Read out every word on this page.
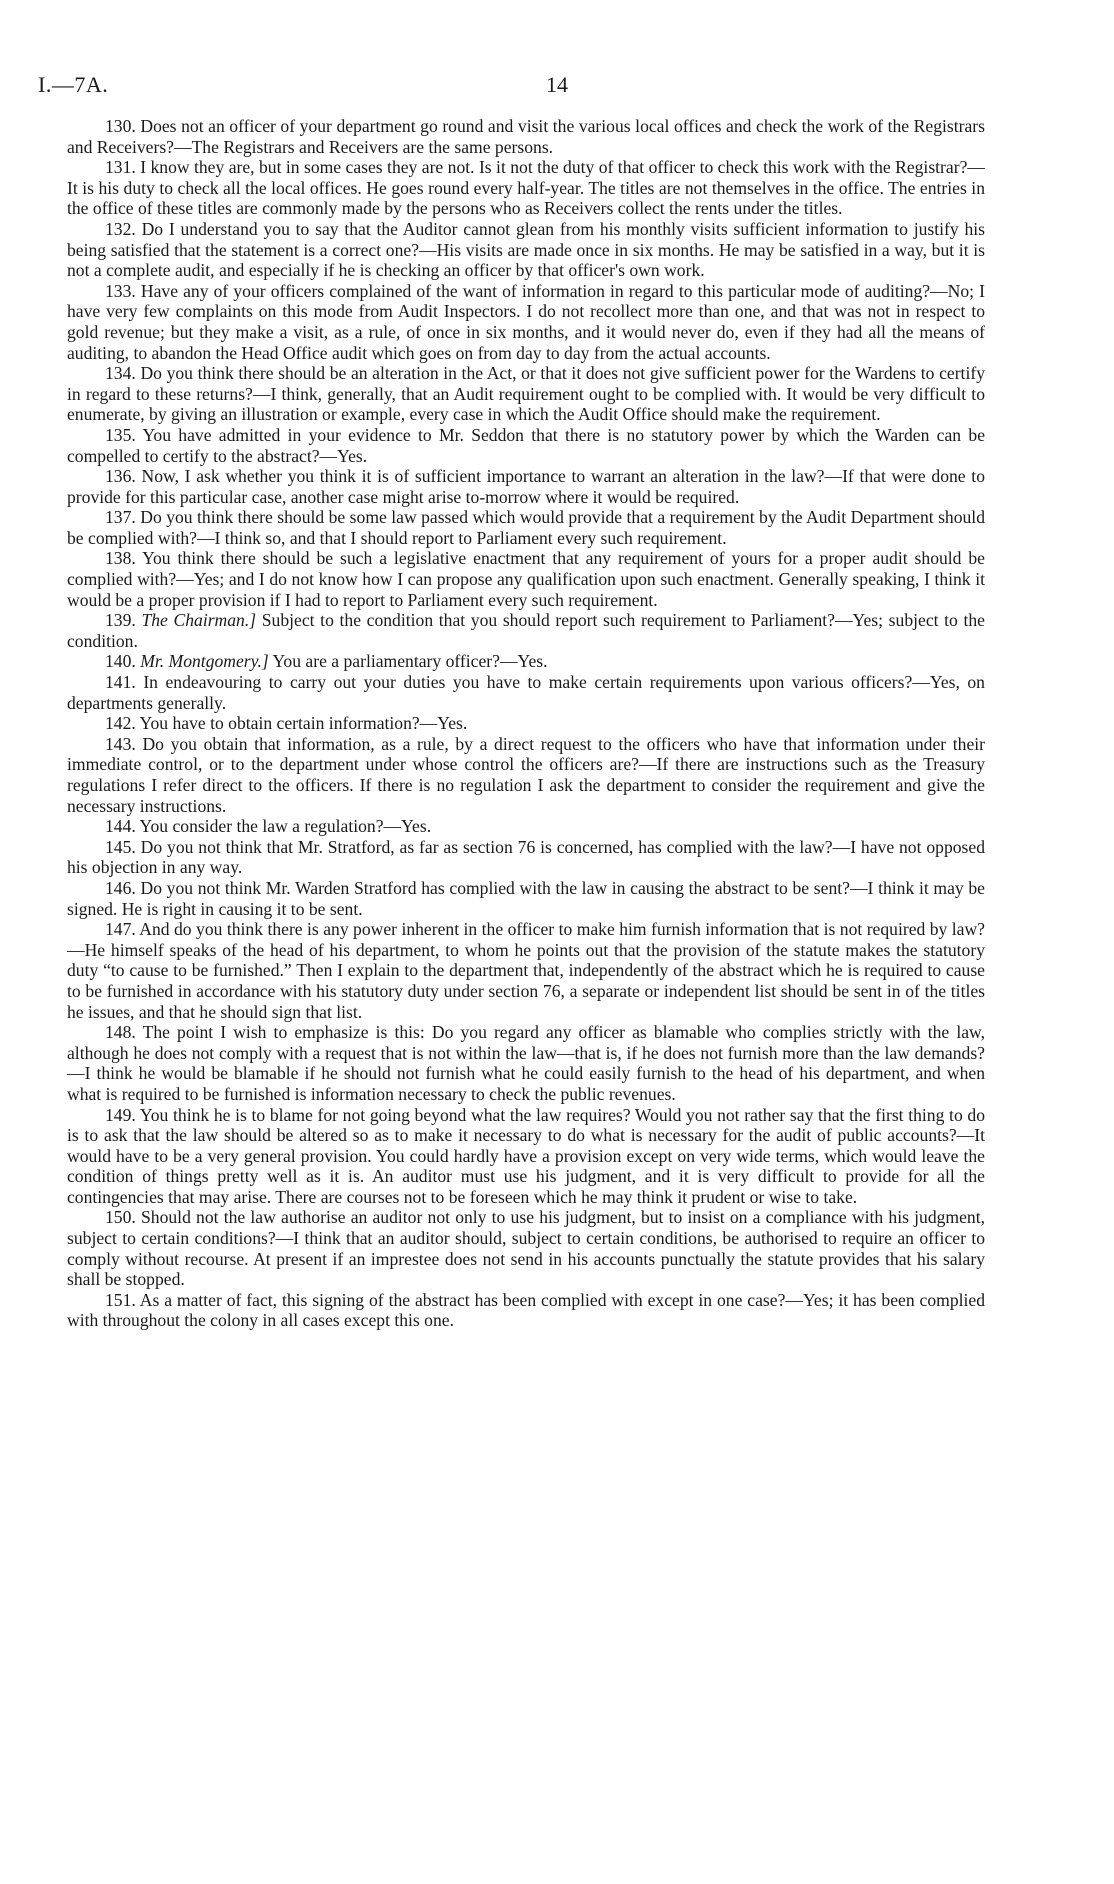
I.—7A.	14

130. Does not an officer of your department go round and visit the various local offices and check the work of the Registrars and Receivers?—The Registrars and Receivers are the same persons.

131. I know they are, but in some cases they are not. Is it not the duty of that officer to check this work with the Registrar?—It is his duty to check all the local offices. He goes round every half-year. The titles are not themselves in the office. The entries in the office of these titles are commonly made by the persons who as Receivers collect the rents under the titles.

132. Do I understand you to say that the Auditor cannot glean from his monthly visits sufficient information to justify his being satisfied that the statement is a correct one?—His visits are made once in six months. He may be satisfied in a way, but it is not a complete audit, and especially if he is checking an officer by that officer's own work.

133. Have any of your officers complained of the want of information in regard to this particular mode of auditing?—No; I have very few complaints on this mode from Audit Inspectors. I do not recollect more than one, and that was not in respect to gold revenue; but they make a visit, as a rule, of once in six months, and it would never do, even if they had all the means of auditing, to abandon the Head Office audit which goes on from day to day from the actual accounts.

134. Do you think there should be an alteration in the Act, or that it does not give sufficient power for the Wardens to certify in regard to these returns?—I think, generally, that an Audit requirement ought to be complied with. It would be very difficult to enumerate, by giving an illustration or example, every case in which the Audit Office should make the requirement.

135. You have admitted in your evidence to Mr. Seddon that there is no statutory power by which the Warden can be compelled to certify to the abstract?—Yes.

136. Now, I ask whether you think it is of sufficient importance to warrant an alteration in the law?—If that were done to provide for this particular case, another case might arise to-morrow where it would be required.

137. Do you think there should be some law passed which would provide that a requirement by the Audit Department should be complied with?—I think so, and that I should report to Parliament every such requirement.

138. You think there should be such a legislative enactment that any requirement of yours for a proper audit should be complied with?—Yes; and I do not know how I can propose any qualification upon such enactment. Generally speaking, I think it would be a proper provision if I had to report to Parliament every such requirement.

139. The Chairman.] Subject to the condition that you should report such requirement to Parliament?—Yes; subject to the condition.

140. Mr. Montgomery.] You are a parliamentary officer?—Yes.

141. In endeavouring to carry out your duties you have to make certain requirements upon various officers?—Yes, on departments generally.

142. You have to obtain certain information?—Yes.

143. Do you obtain that information, as a rule, by a direct request to the officers who have that information under their immediate control, or to the department under whose control the officers are?—If there are instructions such as the Treasury regulations I refer direct to the officers. If there is no regulation I ask the department to consider the requirement and give the necessary instructions.

144. You consider the law a regulation?—Yes.

145. Do you not think that Mr. Stratford, as far as section 76 is concerned, has complied with the law?—I have not opposed his objection in any way.

146. Do you not think Mr. Warden Stratford has complied with the law in causing the abstract to be sent?—I think it may be signed. He is right in causing it to be sent.

147. And do you think there is any power inherent in the officer to make him furnish information that is not required by law?—He himself speaks of the head of his department, to whom he points out that the provision of the statute makes the statutory duty “to cause to be furnished.” Then I explain to the department that, independently of the abstract which he is required to cause to be furnished in accordance with his statutory duty under section 76, a separate or independent list should be sent in of the titles he issues, and that he should sign that list.

148. The point I wish to emphasize is this: Do you regard any officer as blamable who complies strictly with the law, although he does not comply with a request that is not within the law—that is, if he does not furnish more than the law demands?—I think he would be blamable if he should not furnish what he could easily furnish to the head of his department, and when what is required to be furnished is information necessary to check the public revenues.

149. You think he is to blame for not going beyond what the law requires? Would you not rather say that the first thing to do is to ask that the law should be altered so as to make it necessary to do what is necessary for the audit of public accounts?—It would have to be a very general provision. You could hardly have a provision except on very wide terms, which would leave the condition of things pretty well as it is. An auditor must use his judgment, and it is very difficult to provide for all the contingencies that may arise. There are courses not to be foreseen which he may think it prudent or wise to take.

150. Should not the law authorise an auditor not only to use his judgment, but to insist on a compliance with his judgment, subject to certain conditions?—I think that an auditor should, subject to certain conditions, be authorised to require an officer to comply without recourse. At present if an imprestee does not send in his accounts punctually the statute provides that his salary shall be stopped.

151. As a matter of fact, this signing of the abstract has been complied with except in one case?—Yes; it has been complied with throughout the colony in all cases except this one.
